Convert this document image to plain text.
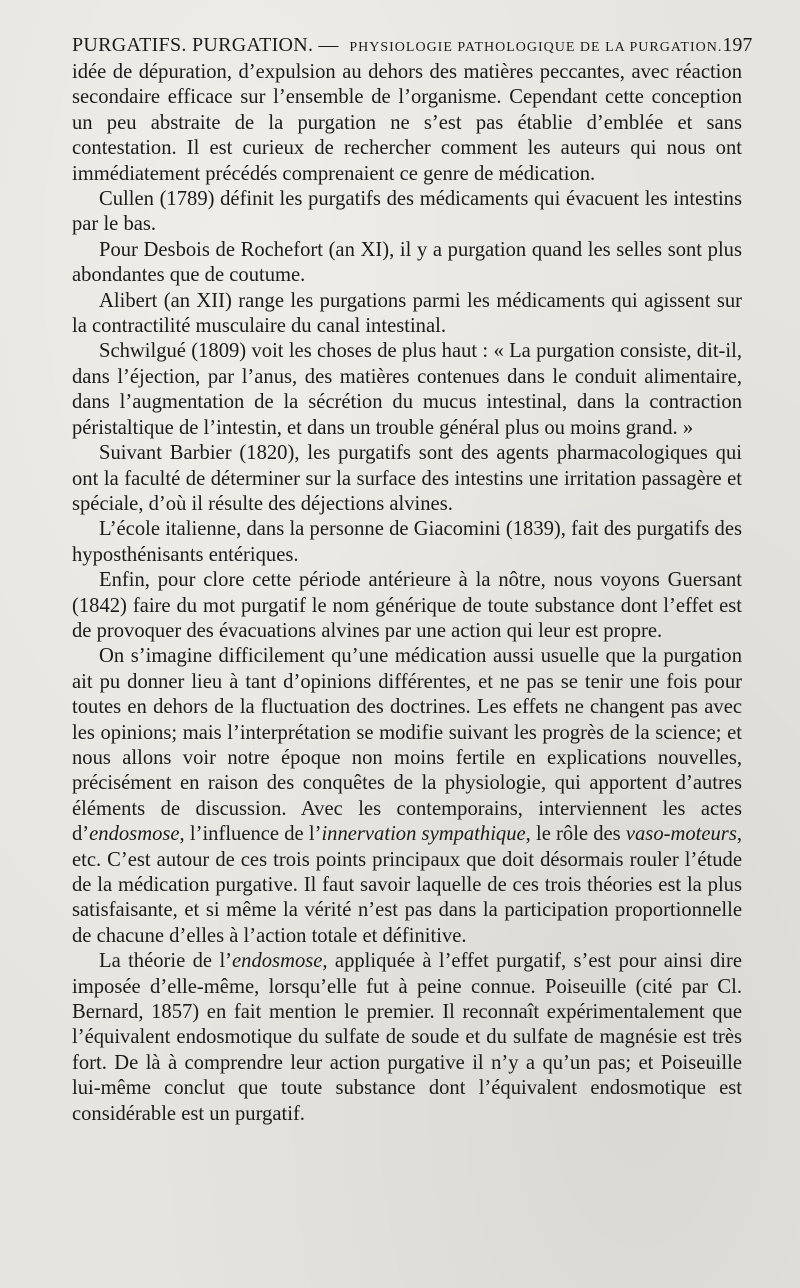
PURGATIFS. PURGATION. — PHYSIOLOGIE PATHOLOGIQUE DE LA PURGATION. 197

idée de dépuration, d’expulsion au dehors des matières peccantes, avec réaction secondaire efficace sur l’ensemble de l’organisme. Cependant cette conception un peu abstraite de la purgation ne s’est pas établie d’emblée et sans contestation. Il est curieux de rechercher comment les auteurs qui nous ont immédiatement précédés comprenaient ce genre de médication.

Cullen (1789) définit les purgatifs des médicaments qui évacuent les intestins par le bas.

Pour Desbois de Rochefort (an XI), il y a purgation quand les selles sont plus abondantes que de coutume.

Alibert (an XII) range les purgations parmi les médicaments qui agissent sur la contractilité musculaire du canal intestinal.

Schwilgué (1809) voit les choses de plus haut : « La purgation consiste, dit-il, dans l’éjection, par l’anus, des matières contenues dans le conduit alimentaire, dans l’augmentation de la sécrétion du mucus intestinal, dans la contraction péristaltique de l’intestin, et dans un trouble général plus ou moins grand. »

Suivant Barbier (1820), les purgatifs sont des agents pharmacologiques qui ont la faculté de déterminer sur la surface des intestins une irritation passagère et spéciale, d’où il résulte des déjections alvines.

L’école italienne, dans la personne de Giacomini (1839), fait des purgatifs des hyposthénisants entériques.

Enfin, pour clore cette période antérieure à la nôtre, nous voyons Guersant (1842) faire du mot purgatif le nom générique de toute substance dont l’effet est de provoquer des évacuations alvines par une action qui leur est propre.

On s’imagine difficilement qu’une médication aussi usuelle que la purgation ait pu donner lieu à tant d’opinions différentes, et ne pas se tenir une fois pour toutes en dehors de la fluctuation des doctrines. Les effets ne changent pas avec les opinions; mais l’interprétation se modifie suivant les progrès de la science; et nous allons voir notre époque non moins fertile en explications nouvelles, précisément en raison des conquêtes de la physiologie, qui apportent d’autres éléments de discussion. Avec les contemporains, interviennent les actes d’endosmose, l’influence de l’innervation sympathique, le rôle des vaso-moteurs, etc. C’est autour de ces trois points principaux que doit désormais rouler l’étude de la médication purgative. Il faut savoir laquelle de ces trois théories est la plus satisfaisante, et si même la vérité n’est pas dans la participation proportionnelle de chacune d’elles à l’action totale et définitive.

La théorie de l’endosmose, appliquée à l’effet purgatif, s’est pour ainsi dire imposée d’elle-même, lorsqu’elle fut à peine connue. Poiseuille (cité par Cl. Bernard, 1857) en fait mention le premier. Il reconnaît expérimentalement que l’équivalent endosmotique du sulfate de soude et du sulfate de magnésie est très fort. De là à comprendre leur action purgative il n’y a qu’un pas; et Poiseuille lui-même conclut que toute substance dont l’équivalent endosmotique est considérable est un purgatif.
